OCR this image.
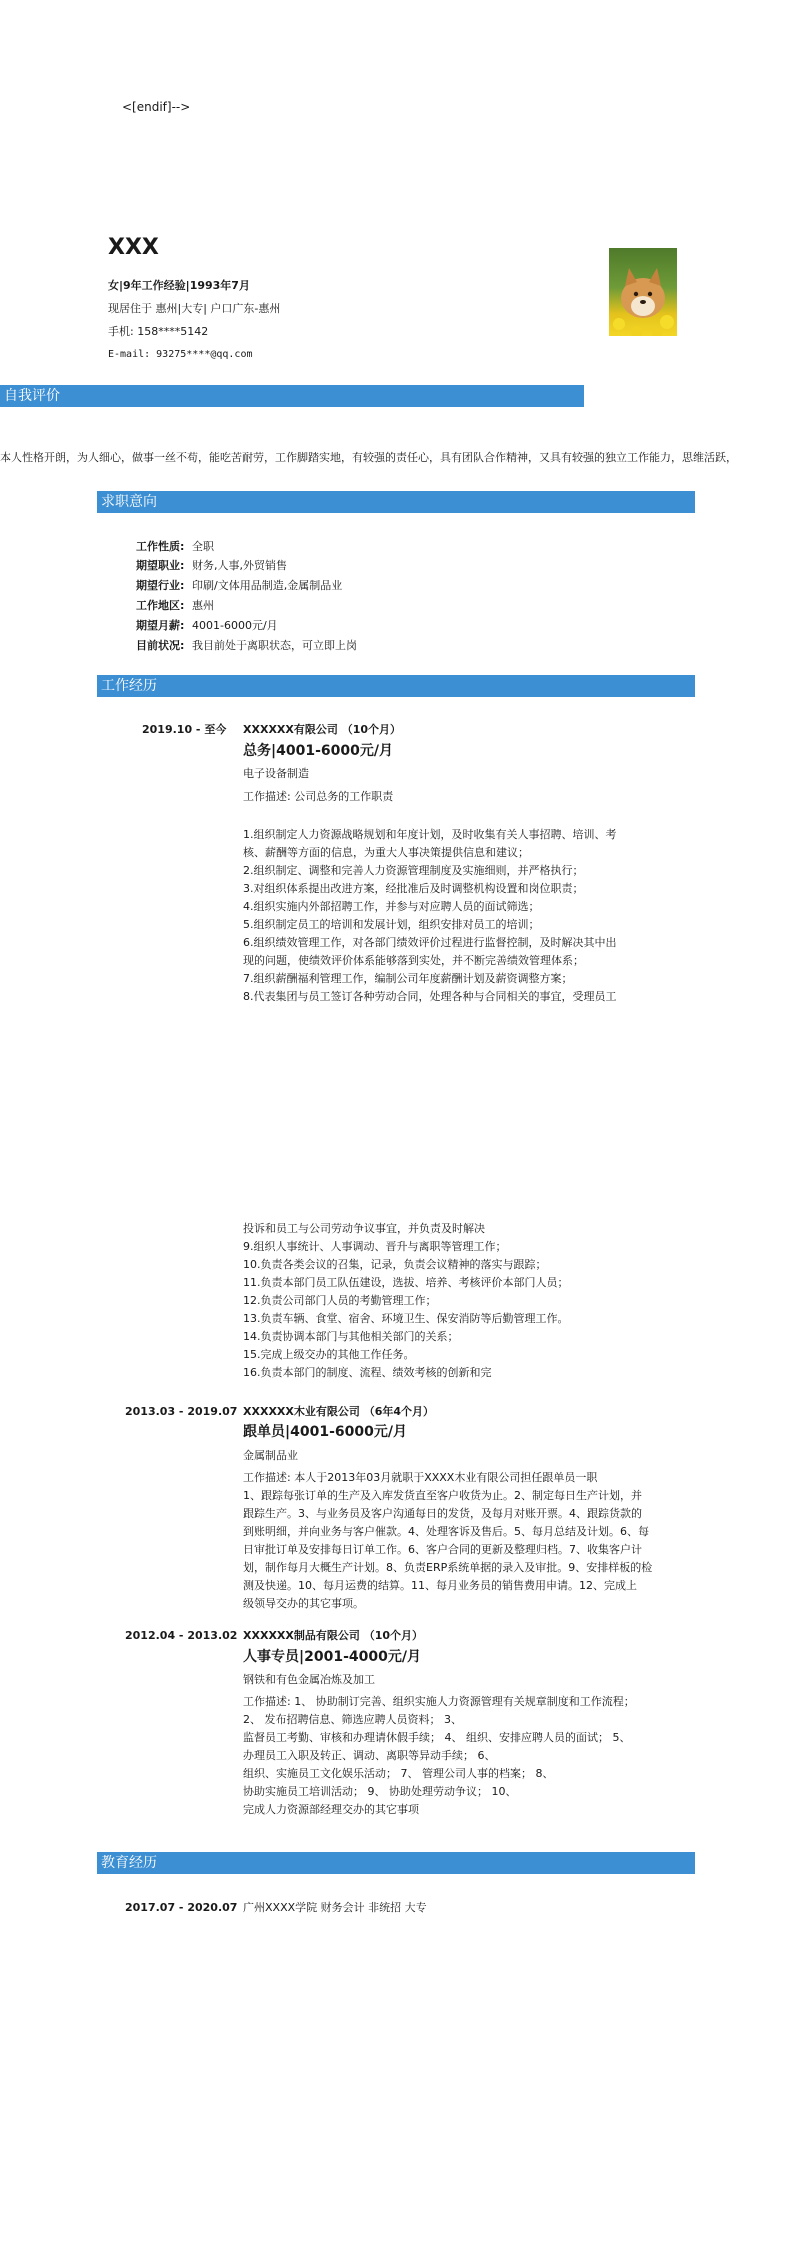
<[endif]-->
XXX
女|9年工作经验|1993年7月
现居住于 惠州|大专| 户口广东-惠州
手机: 158****5142
E-mail: 93275****@qq.com
自我评价
本人性格开朗，为人细心，做事一丝不苟，能吃苦耐劳，工作脚踏实地，有较强的责任心，具有团队合作精神，又具有较强的独立工作能力，思维活跃，
求职意向
工作性质: 全职
期望职业: 财务,人事,外贸销售
期望行业: 印刷/文体用品制造,金属制品业
工作地区: 惠州
期望月薪: 4001-6000元/月
目前状况: 我目前处于离职状态，可立即上岗
工作经历
2019.10 - 至今 XXXXXX有限公司 （10个月）
总务|4001-6000元/月
电子设备制造
工作描述: 公司总务的工作职责
1.组织制定人力资源战略规划和年度计划，及时收集有关人事招聘、培训、考
核、薪酬等方面的信息，为重大人事决策提供信息和建议；
2.组织制定、调整和完善人力资源管理制度及实施细则，并严格执行；
3.对组织体系提出改进方案，经批准后及时调整机构设置和岗位职责；
4.组织实施内外部招聘工作，并参与对应聘人员的面试筛选；
5.组织制定员工的培训和发展计划，组织安排对员工的培训；
6.组织绩效管理工作，对各部门绩效评价过程进行监督控制，及时解决其中出
现的问题，使绩效评价体系能够落到实处，并不断完善绩效管理体系；
7.组织薪酬福利管理工作，编制公司年度薪酬计划及薪资调整方案；
8.代表集团与员工签订各种劳动合同，处理各种与合同相关的事宜，受理员工
投诉和员工与公司劳动争议事宜，并负责及时解决
9.组织人事统计、人事调动、晋升与离职等管理工作；
10.负责各类会议的召集，记录，负责会议精神的落实与跟踪；
11.负责本部门员工队伍建设，选拔、培养、考核评价本部门人员；
12.负责公司部门人员的考勤管理工作；
13.负责车辆、食堂、宿舍、环境卫生、保安消防等后勤管理工作。
14.负责协调本部门与其他相关部门的关系；
15.完成上级交办的其他工作任务。
16.负责本部门的制度、流程、绩效考核的创新和完
2013.03 - 2019.07 XXXXXX木业有限公司 （6年4个月）
跟单员|4001-6000元/月
金属制品业
工作描述: 本人于2013年03月就职于XXXX木业有限公司担任跟单员一职
1、跟踪每张订单的生产及入库发货直至客户收货为止。2、制定每日生产计划，并
跟踪生产。3、与业务员及客户沟通每日的发货，及每月对账开票。4、跟踪货款的
到账明细，并向业务与客户催款。4、处理客诉及售后。5、每月总结及计划。6、每
日审批订单及安排每日订单工作。6、客户合同的更新及整理归档。7、收集客户计
划，制作每月大概生产计划。8、负责ERP系统单据的录入及审批。9、安排样板的检
测及快递。10、每月运费的结算。11、每月业务员的销售费用申请。12、完成上
级领导交办的其它事项。
2012.04 - 2013.02 XXXXXX制品有限公司 （10个月）
人事专员|2001-4000元/月
钢铁和有色金属冶炼及加工
工作描述: 1、 协助制订完善、组织实施人力资源管理有关规章制度和工作流程；
2、 发布招聘信息、筛选应聘人员资料； 3、
监督员工考勤、审核和办理请休假手续； 4、 组织、安排应聘人员的面试； 5、
办理员工入职及转正、调动、离职等异动手续； 6、
组织、实施员工文化娱乐活动； 7、 管理公司人事的档案； 8、
协助实施员工培训活动； 9、 协助处理劳动争议； 10、
完成人力资源部经理交办的其它事项
教育经历
2017.07 - 2020.07 广州XXXX学院 财务会计 非统招 大专
